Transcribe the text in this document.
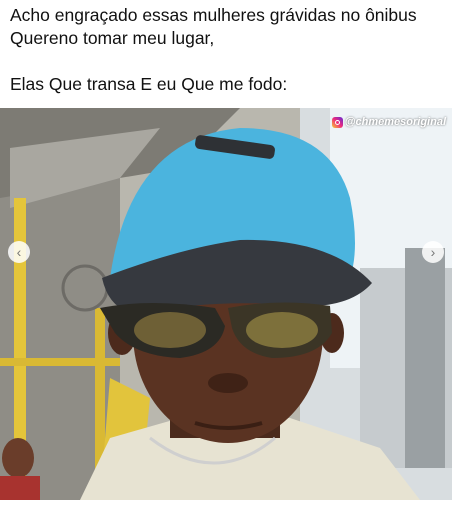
Acho engraçado essas mulheres grávidas no ônibus
Quereno tomar meu lugar,
Elas Que transa E eu Que me fodo:
@chmemesoriginal
‹	›
